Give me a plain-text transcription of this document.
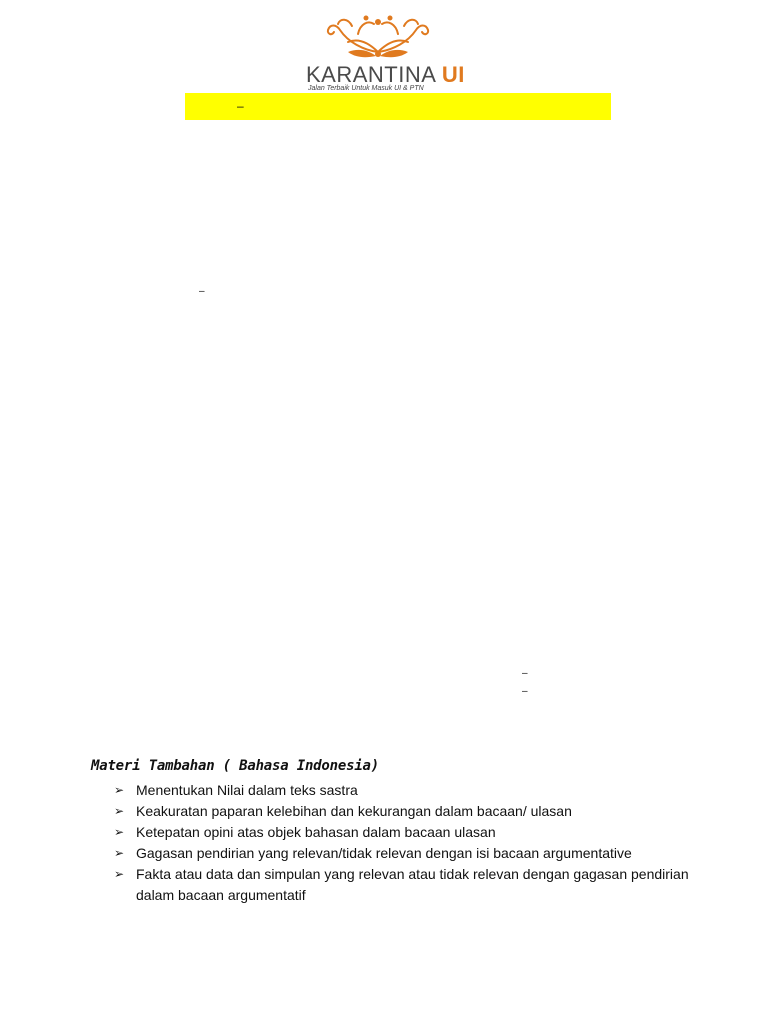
KARANTINA UI
Jalan Terbaik Untuk Masuk UI & PTN
–
–
–
–
Materi Tambahan ( Bahasa Indonesia)
➢ Menentukan Nilai dalam teks sastra
➢ Keakuratan paparan kelebihan dan kekurangan dalam bacaan/ ulasan
➢ Ketepatan opini atas objek bahasan dalam bacaan ulasan
➢ Gagasan pendirian yang relevan/tidak relevan dengan isi bacaan argumentative
➢ Fakta atau data dan simpulan yang relevan atau tidak relevan dengan gagasan pendirian dalam bacaan argumentatif
